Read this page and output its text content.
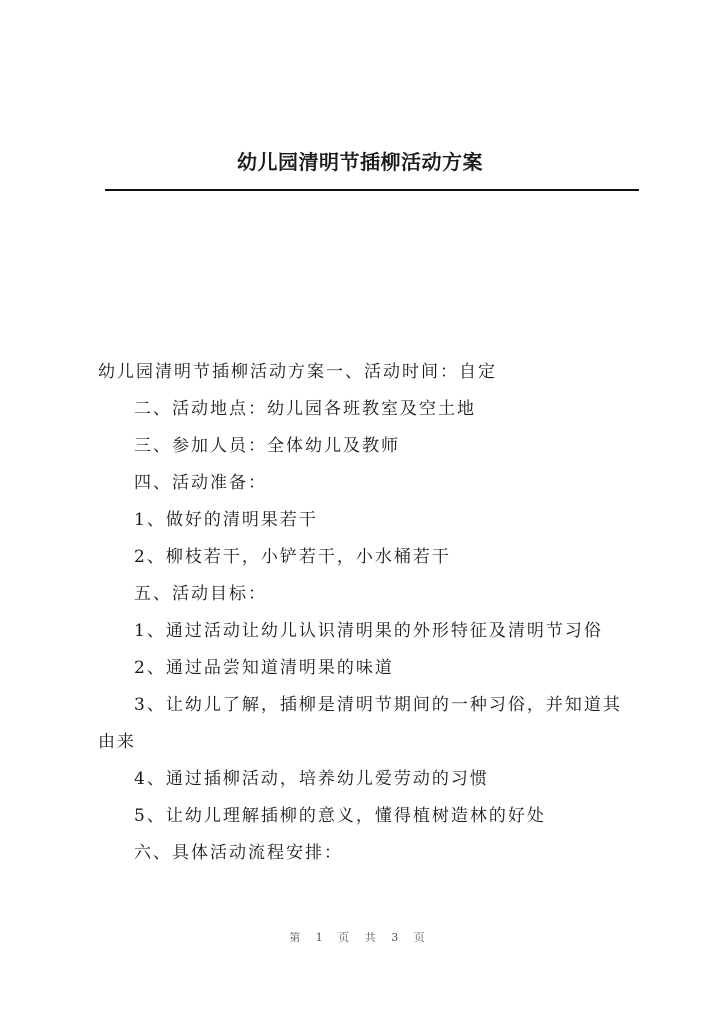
幼儿园清明节插柳活动方案

幼儿园清明节插柳活动方案一、活动时间：自定

二、活动地点：幼儿园各班教室及空土地

三、参加人员：全体幼儿及教师

四、活动准备：

1、做好的清明果若干

2、柳枝若干，小铲若干，小水桶若干

五、活动目标：

1、通过活动让幼儿认识清明果的外形特征及清明节习俗

2、通过品尝知道清明果的味道

3、让幼儿了解，插柳是清明节期间的一种习俗，并知道其由来

4、通过插柳活动，培养幼儿爱劳动的习惯

5、让幼儿理解插柳的意义，懂得植树造林的好处

六、具体活动流程安排：

第 1 页 共 3 页
